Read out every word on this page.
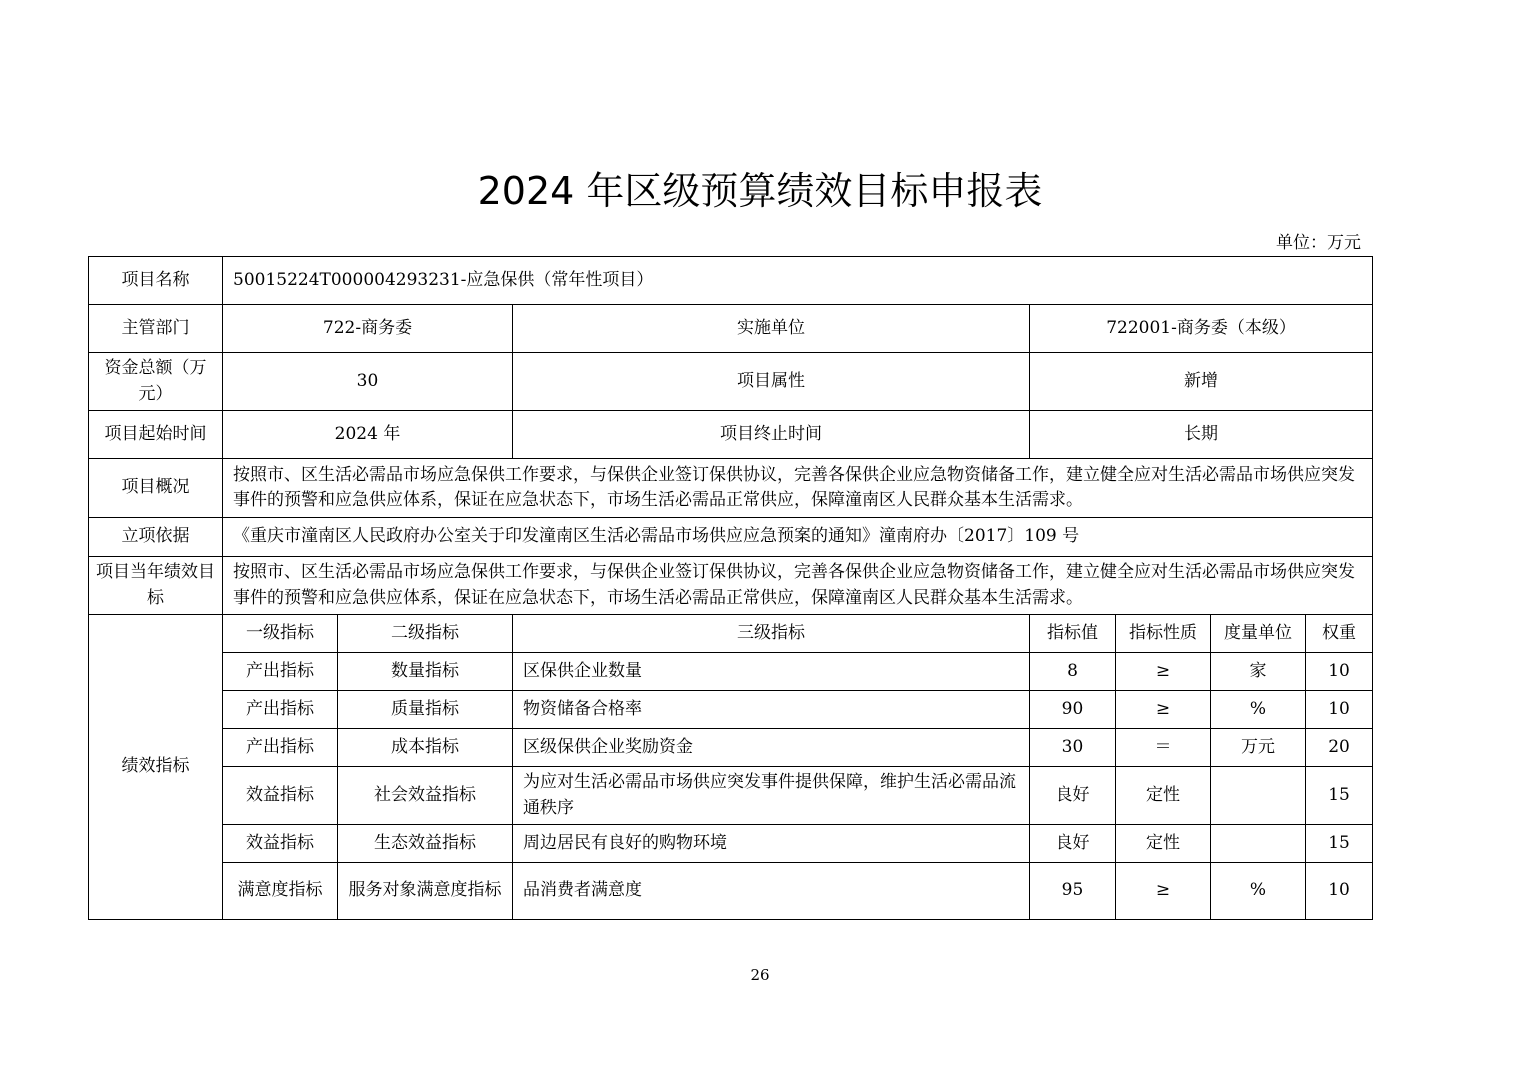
2024 年区级预算绩效目标申报表
单位：万元
项目名称	50015224T000004293231-应急保供（常年性项目）						
主管部门	722-商务委		实施单位	722001-商务委（本级）			
资金总额（万元）	30		项目属性	新增			
项目起始时间	2024 年		项目终止时间	长期			
项目概况	按照市、区生活必需品市场应急保供工作要求，与保供企业签订保供协议，完善各保供企业应急物资储备工作，建立健全应对生活必需品市场供应突发事件的预警和应急供应体系，保证在应急状态下，市场生活必需品正常供应，保障潼南区人民群众基本生活需求。						
立项依据	《重庆市潼南区人民政府办公室关于印发潼南区生活必需品市场供应应急预案的通知》潼南府办〔2017〕109 号						
项目当年绩效目标	按照市、区生活必需品市场应急保供工作要求，与保供企业签订保供协议，完善各保供企业应急物资储备工作，建立健全应对生活必需品市场供应突发事件的预警和应急供应体系，保证在应急状态下，市场生活必需品正常供应，保障潼南区人民群众基本生活需求。						
绩效指标	一级指标	二级指标	三级指标	指标值	指标性质	度量单位	权重
	产出指标	数量指标	区保供企业数量	8	≥	家	10
	产出指标	质量指标	物资储备合格率	90	≥	%	10
	产出指标	成本指标	区级保供企业奖励资金	30	＝	万元	20
	效益指标	社会效益指标	为应对生活必需品市场供应突发事件提供保障，维护生活必需品流通秩序	良好	定性		15
	效益指标	生态效益指标	周边居民有良好的购物环境	良好	定性		15
	满意度指标	服务对象满意度指标	品消费者满意度	95	≥	%	10
26
